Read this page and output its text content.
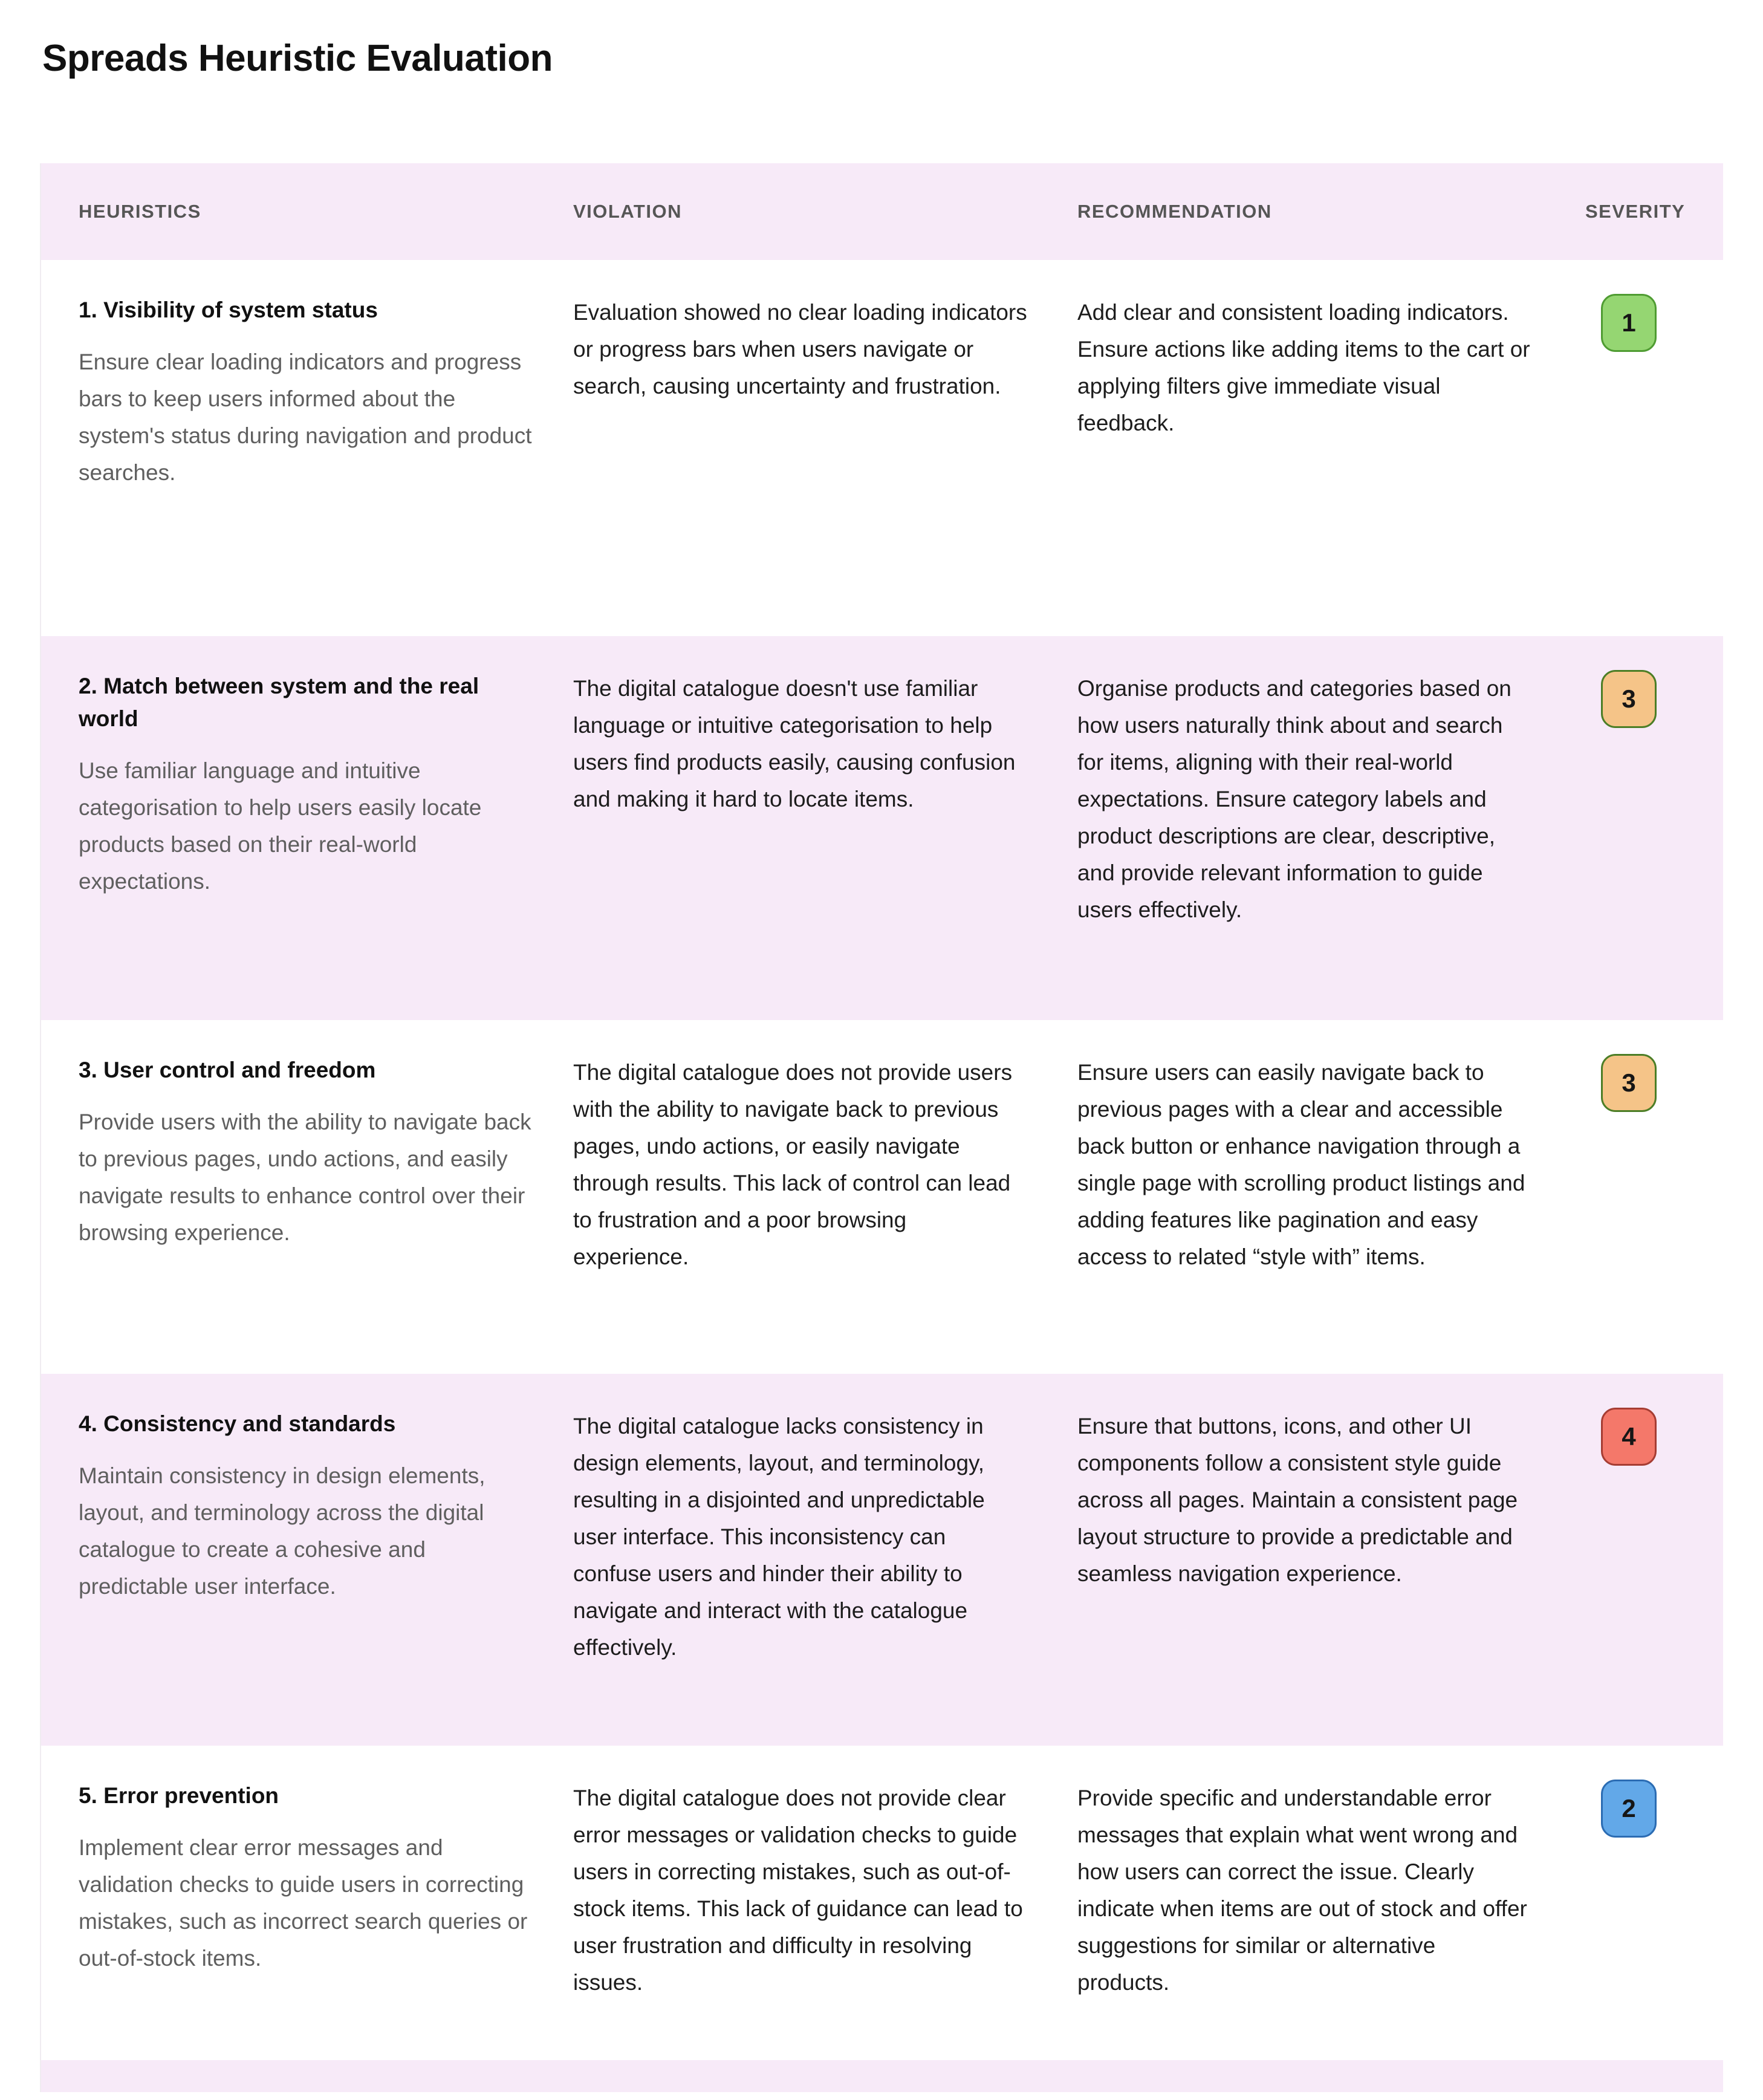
Spreads Heuristic Evaluation
HEURISTICS	VIOLATION	RECOMMENDATION	SEVERITY
1. Visibility of system status

Ensure clear loading indicators and progress bars to keep users informed about the system's status during navigation and product searches.

Evaluation showed no clear loading indicators or progress bars when users navigate or search, causing uncertainty and frustration.

Add clear and consistent loading indicators. Ensure actions like adding items to the cart or applying filters give immediate visual feedback.

1
2. Match between system and the real world

Use familiar language and intuitive categorisation to help users easily locate products based on their real-world expectations.

The digital catalogue doesn't use familiar language or intuitive categorisation to help users find products easily, causing confusion and making it hard to locate items.

Organise products and categories based on how users naturally think about and search for items, aligning with their real-world expectations. Ensure category labels and product descriptions are clear, descriptive, and provide relevant information to guide users effectively.

3
3. User control and freedom

Provide users with the ability to navigate back to previous pages, undo actions, and easily navigate results to enhance control over their browsing experience.

The digital catalogue does not provide users with the ability to navigate back to previous pages, undo actions, or easily navigate through results. This lack of control can lead to frustration and a poor browsing experience.

Ensure users can easily navigate back to previous pages with a clear and accessible back button or enhance navigation through a single page with scrolling product listings and adding features like pagination and easy access to related “style with” items.

3
4. Consistency and standards

Maintain consistency in design elements, layout, and terminology across the digital catalogue to create a cohesive and predictable user interface.

The digital catalogue lacks consistency in design elements, layout, and terminology, resulting in a disjointed and unpredictable user interface. This inconsistency can confuse users and hinder their ability to navigate and interact with the catalogue effectively.

Ensure that buttons, icons, and other UI components follow a consistent style guide across all pages. Maintain a consistent page layout structure to provide a predictable and seamless navigation experience.

4
5. Error prevention

Implement clear error messages and validation checks to guide users in correcting mistakes, such as incorrect search queries or out-of-stock items.

The digital catalogue does not provide clear error messages or validation checks to guide users in correcting mistakes, such as out-of-stock items. This lack of guidance can lead to user frustration and difficulty in resolving issues.

Provide specific and understandable error messages that explain what went wrong and how users can correct the issue. Clearly indicate when items are out of stock and offer suggestions for similar or alternative products.

2
